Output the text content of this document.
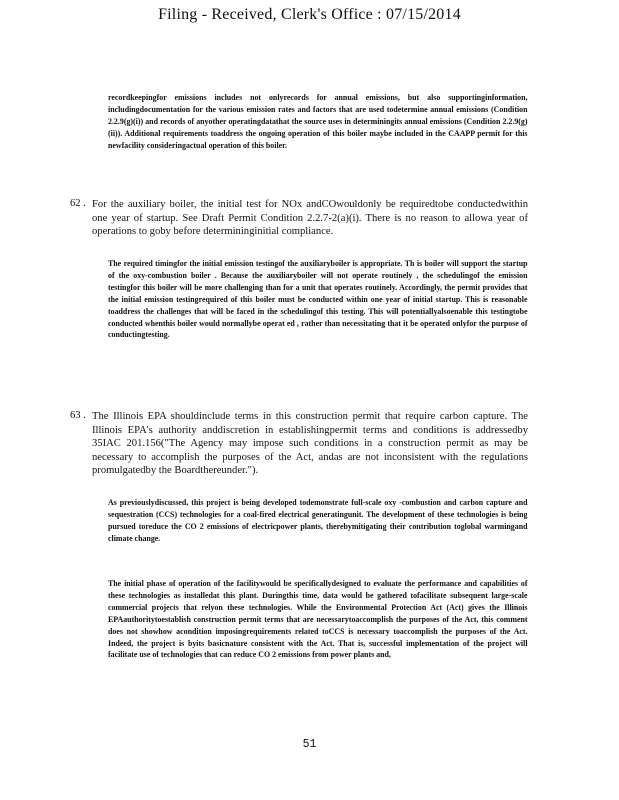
Filing - Received, Clerk's Office : 07/15/2014

recordkeepingfor emissions includes not onlyrecords for annual emissions, but also supportinginformation, includingdocumentation for the various emission rates and factors that are used todetermine annual emissions (Condition 2.2.9(g)(i)) and records of anyother operatingdatathat the source uses in determiningits annual emissions (Condition 2.2.9(g)(ii)). Additional requirements toaddress the ongoing operation of this boiler maybe included in the CAAPP permit for this newfacility consideringactual operation of this boiler.

62 . For the auxiliary boiler, the initial test for NOx andCOwouldonly be requiredtobe conductedwithin one year of startup. See Draft Permit Condition 2.2.7-2(a)(i). There is no reason to allowa year of operations to goby before determininginitial compliance.

The required timingfor the initial emission testingof the auxiliaryboiler is appropriate. Th is boiler will support the startup of the oxy-combustion boiler . Because the auxiliaryboiler will not operate routinely , the schedulingof the emission testingfor this boiler will be more challenging than for a unit that operates routinely. Accordingly, the permit provides that the initial emission testingrequired of this boiler must be conducted within one year of initial startup. This is reasonable toaddress the challenges that will be faced in the schedulingof this testing. This will potentiallyalsoenable this testingtobe conducted whenthis boiler would normallybe operat ed , rather than necessitating that it be operated onlyfor the purpose of conductingtesting.

63 . The Illinois EPA shouldinclude terms in this construction permit that require carbon capture. The Illinois EPA's authority anddiscretion in establishingpermit terms and conditions is addressedby 35IAC 201.156("The Agency may impose such conditions in a construction permit as may be necessary to accomplish the purposes of the Act, andas are not inconsistent with the regulations promulgatedby the Boardthereunder.").

As previouslydiscussed, this project is being developed todemonstrate full-scale oxy -combustion and carbon capture and sequestration (CCS) technologies for a coal-fired electrical generatingunit. The development of these technologies is being pursued toreduce the CO 2 emissions of electricpower plants, therebymitigating their contribution toglobal warmingand climate change.

The initial phase of operation of the facilitywould be specificallydesigned to evaluate the performance and capabilities of these technologies as installedat this plant. Duringthis time, data would be gathered tofacilitate subsequent large-scale commercial projects that relyon these technologies. While the Environmental Protection Act (Act) gives the Illinois EPAauthoritytoestablish construction permit terms that are necessarytoaccomplish the purposes of the Act, this comment does not showhow acondition imposingrequirements related toCCS is necessary toaccomplish the purposes of the Act. Indeed, the project is byits basicnature consistent with the Act. That is, successful implementation of the project will facilitate use of technologies that can reduce CO 2 emissions from power plants and,

51
